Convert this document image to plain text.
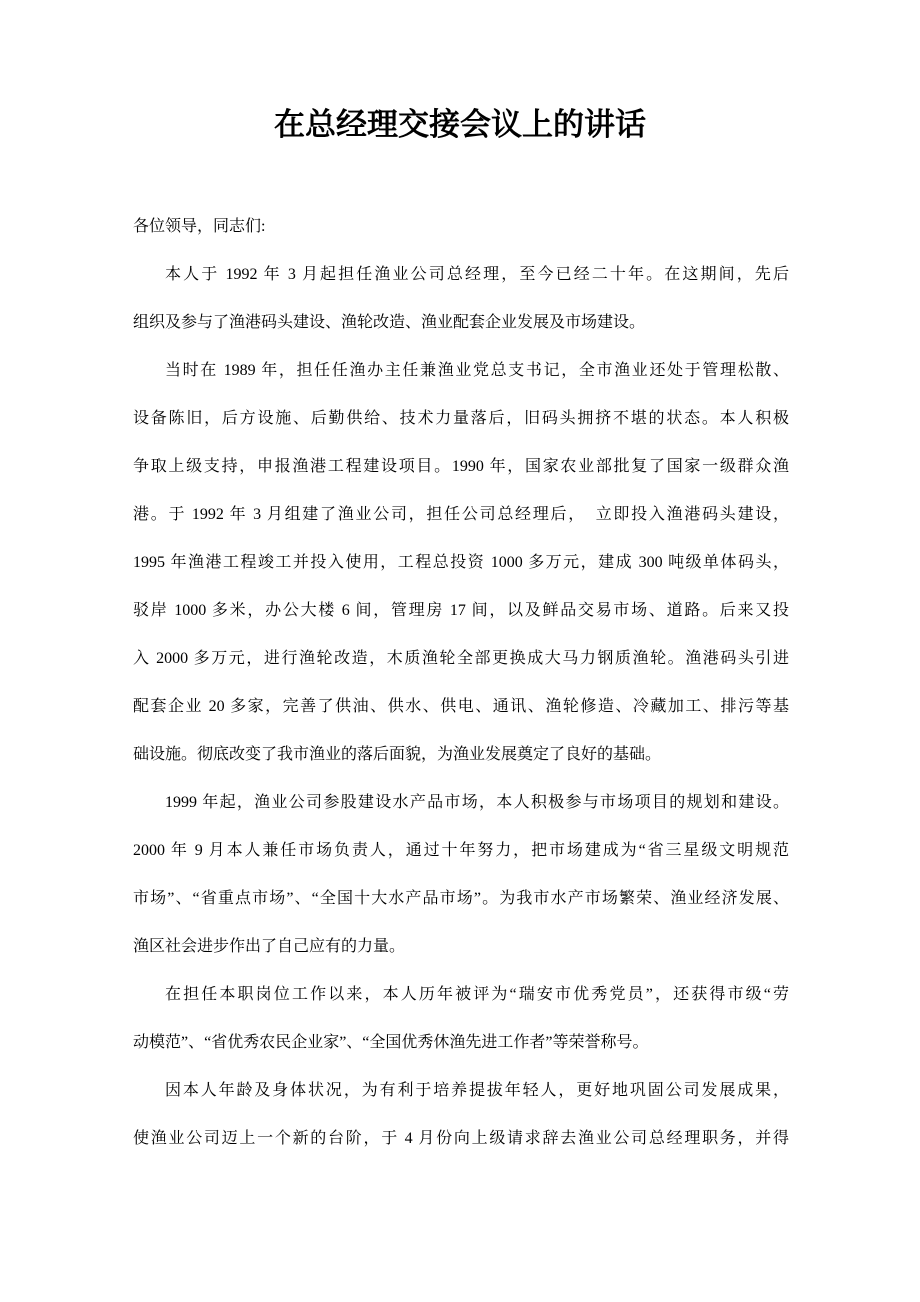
在总经理交接会议上的讲话
各位领导，同志们:
本人于 1992 年 3 月起担任渔业公司总经理，至今已经二十年。在这期间，先后
组织及参与了渔港码头建设、渔轮改造、渔业配套企业发展及市场建设。
当时在 1989 年，担任任渔办主任兼渔业党总支书记，全市渔业还处于管理松散、
设备陈旧，后方设施、后勤供给、技术力量落后，旧码头拥挤不堪的状态。本人积极
争取上级支持，申报渔港工程建设项目。1990 年，国家农业部批复了国家一级群众渔
港。于 1992 年 3 月组建了渔业公司，担任公司总经理后，　立即投入渔港码头建设，
1995 年渔港工程竣工并投入使用，工程总投资 1000 多万元，建成 300 吨级单体码头，
驳岸 1000 多米，办公大楼 6 间，管理房 17 间，以及鲜品交易市场、道路。后来又投
入 2000 多万元，进行渔轮改造，木质渔轮全部更换成大马力钢质渔轮。渔港码头引进
配套企业 20 多家，完善了供油、供水、供电、通讯、渔轮修造、冷藏加工、排污等基
础设施。彻底改变了我市渔业的落后面貌，为渔业发展奠定了良好的基础。
1999 年起，渔业公司参股建设水产品市场，本人积极参与市场项目的规划和建设。
2000 年 9 月本人兼任市场负责人，通过十年努力，把市场建成为“省三星级文明规范
市场”、“省重点市场”、“全国十大水产品市场”。为我市水产市场繁荣、渔业经济发展、
渔区社会进步作出了自己应有的力量。
在担任本职岗位工作以来，本人历年被评为“瑞安市优秀党员”，还获得市级“劳
动模范”、“省优秀农民企业家”、“全国优秀休渔先进工作者”等荣誉称号。
因本人年龄及身体状况，为有利于培养提拔年轻人，更好地巩固公司发展成果，
使渔业公司迈上一个新的台阶，于 4 月份向上级请求辞去渔业公司总经理职务，并得
